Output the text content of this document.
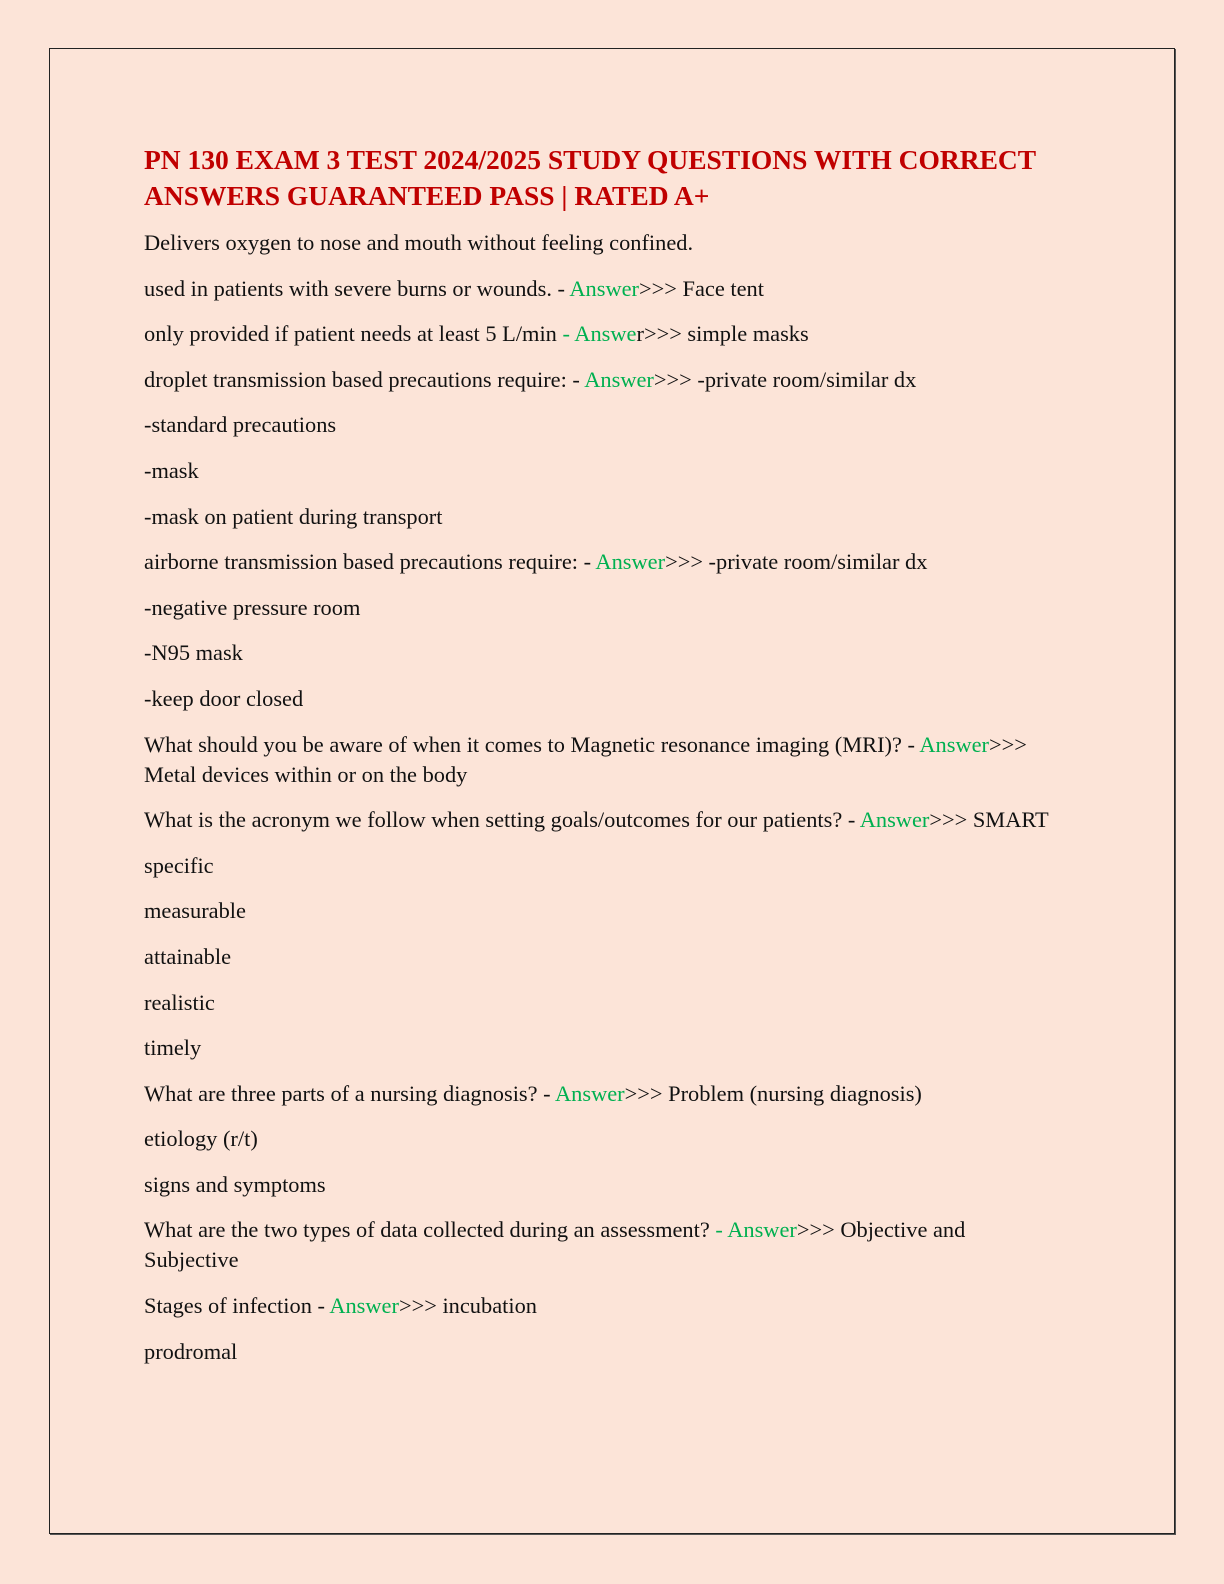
PN 130 EXAM 3 TEST 2024/2025 STUDY QUESTIONS WITH CORRECT ANSWERS GUARANTEED PASS | RATED A+

Delivers oxygen to nose and mouth without feeling confined.

used in patients with severe burns or wounds. - Answer>>> Face tent

only provided if patient needs at least 5 L/min - Answer>>> simple masks

droplet transmission based precautions require: - Answer>>> -private room/similar dx

-standard precautions

-mask

-mask on patient during transport

airborne transmission based precautions require: - Answer>>> -private room/similar dx

-negative pressure room

-N95 mask

-keep door closed

What should you be aware of when it comes to Magnetic resonance imaging (MRI)? - Answer>>> Metal devices within or on the body

What is the acronym we follow when setting goals/outcomes for our patients? - Answer>>> SMART

specific

measurable

attainable

realistic

timely

What are three parts of a nursing diagnosis? - Answer>>> Problem (nursing diagnosis)

etiology (r/t)

signs and symptoms

What are the two types of data collected during an assessment? - Answer>>> Objective and Subjective

Stages of infection - Answer>>> incubation

prodromal
